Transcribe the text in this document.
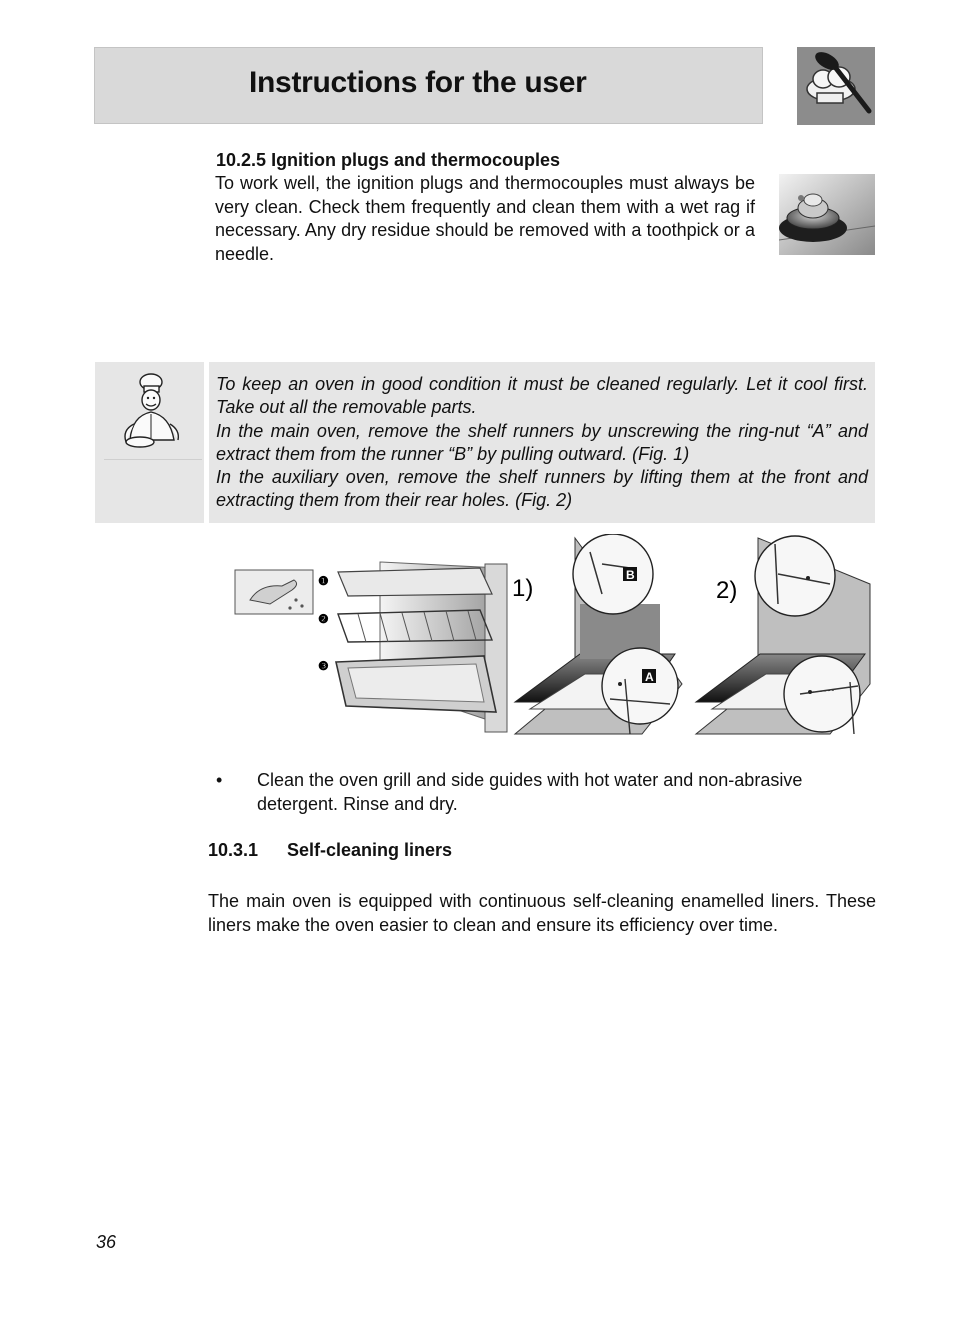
Instructions for the user
10.2.5 Ignition plugs and thermocouples
To work well, the ignition plugs and thermocouples must always be very clean. Check them frequently and clean them with a wet rag if necessary. Any dry residue should be removed with a toothpick or a needle.

To keep an oven in good condition it must be cleaned regularly. Let it cool first. Take out all the removable parts.

In the main oven, remove the shelf runners by unscrewing the ring-nut “A” and extract them from the runner “B” by pulling outward. (Fig. 1)

In the auxiliary oven, remove the shelf runners by lifting them at the front and extracting them from their rear holes. (Fig. 2)

❶
❷
❸
1)	B
A
2)
• Clean the oven grill and side guides with hot water and non-abrasive detergent. Rinse and dry.
10.3.1 Self-cleaning liners
The main oven is equipped with continuous self-cleaning enamelled liners. These liners make the oven easier to clean and ensure its efficiency over time.
36
